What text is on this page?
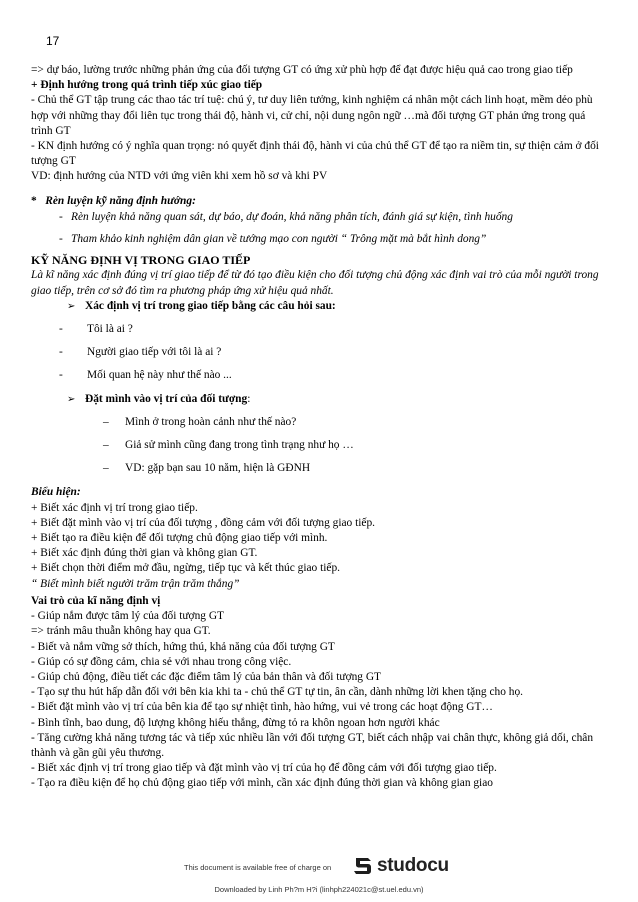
17

=> dự báo, lường trước những phản ứng của đối tượng GT có ứng xử phù hợp để đạt được hiệu quả cao trong giao tiếp

+ Định hướng trong quá trình tiếp xúc giao tiếp

- Chủ thể GT tập trung các thao tác trí tuệ: chú ý, tư duy liên tưởng, kinh nghiệm cá nhân một cách linh hoạt, mềm dẻo phù hợp với những thay đổi liên tục trong thái độ, hành vi, cử chỉ, nội dung ngôn ngữ …mà đối tượng GT phản ứng trong quá trình GT

- KN định hướng có ý nghĩa quan trọng: nó quyết định thái độ, hành vi của chủ thể GT để tạo ra niềm tin, sự thiện cảm ở đối tượng GT

VD: định hướng của NTD với ứng viên khi xem hồ sơ và khi PV

* Rèn luyện kỹ năng định hướng:

- Rèn luyện khả năng quan sát, dự báo, dự đoán, khả năng phân tích, đánh giá sự kiện, tình huống
- Tham khảo kinh nghiệm dân gian về tướng mạo con người “ Trông mặt mà bắt hình dong”

KỸ NĂNG ĐỊNH VỊ TRONG GIAO TIẾP

Là kĩ năng xác định đúng vị trí giao tiếp để từ đó tạo điều kiện cho đối tượng chủ động xác định vai trò của mỗi người trong giao tiếp, trên cơ sở đó tìm ra phương pháp ứng xử hiệu quả nhất.

➢ Xác định vị trí trong giao tiếp bằng các câu hỏi sau:
-	Tôi là ai ?
-	Người giao tiếp với tôi là ai ?
-	Mối quan hệ này như thế nào ...
➢ Đặt mình vào vị trí của đối tượng:
–	Mình ở trong hoàn cảnh như thế nào?
–	Giả sử mình cũng đang trong tình trạng như họ …
–	VD: gặp bạn sau 10 năm, hiện là GĐNH

Biểu hiện:

+ Biết xác định vị trí trong giao tiếp.

+ Biết đặt mình vào vị trí của đối tượng , đồng cảm với đối tượng giao tiếp.

+ Biết tạo ra điều kiện để đối tượng chủ động giao tiếp với mình.

+ Biết xác định đúng thời gian và không gian GT.

+ Biết chọn thời điểm mở đầu, ngừng, tiếp tục và kết thúc giao tiếp.

“ Biết mình biết người trăm trận trăm thắng”

Vai trò của kĩ năng định vị

- Giúp nắm được tâm lý của đối tượng GT

=> tránh mâu thuẫn không hay qua GT.

- Biết và nắm vững sở thích, hứng thú, khả năng của đối tượng GT

- Giúp có sự đồng cảm, chia sẻ với nhau trong công việc.

- Giúp chủ động, điều tiết các đặc điểm tâm lý của bản thân và đối tượng GT

- Tạo sự thu hút hấp dẫn đối với bên kia khi ta - chủ thể GT tự tin, ân cần, dành những lời khen tặng cho họ.

- Biết đặt mình vào vị trí của bên kia để tạo sự nhiệt tình, hào hứng, vui vẻ trong các hoạt động GT…

- Bình tĩnh, bao dung, độ lượng không hiếu thắng, đừng tỏ ra khôn ngoan hơn người khác

- Tăng cường khả năng tương tác và tiếp xúc nhiều lần với đối tượng GT, biết cách nhập vai chân thực, không giả dối, chân thành và gần gũi yêu thương.

- Biết xác định vị trí trong giao tiếp và đặt mình vào vị trí của họ để đồng cảm với đối tượng giao tiếp.

- Tạo ra điều kiện để họ chủ động giao tiếp với mình, cần xác định đúng thời gian và không gian giao

This document is available free of charge on studocu
Downloaded by Linh Ph?m H?i (linhph224021c@st.uel.edu.vn)
